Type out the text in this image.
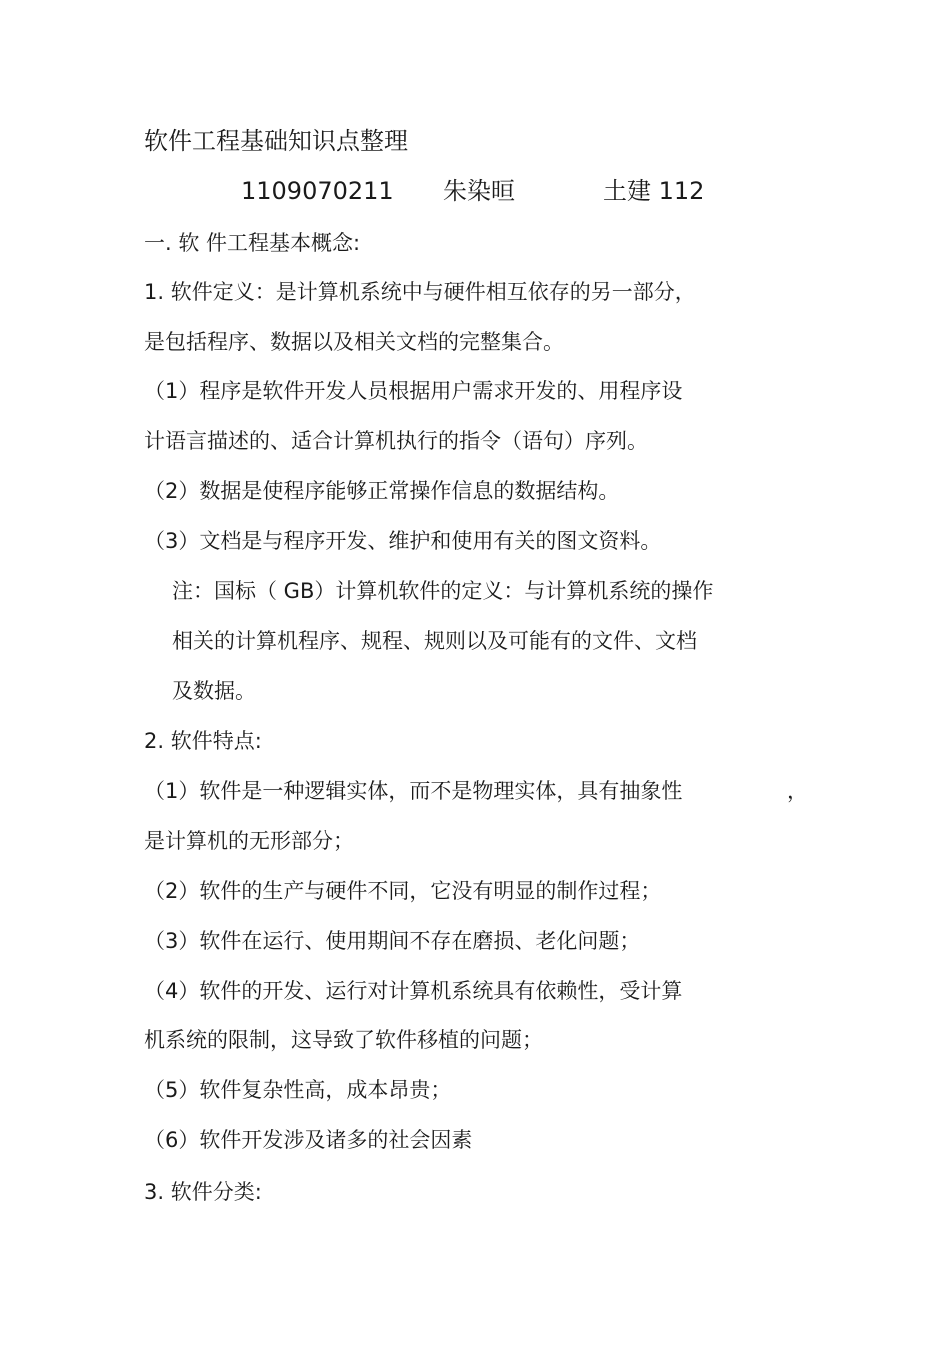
软件工程基础知识点整理
1109070211 朱染晅	土建 112
一. 软 件工程基本概念:
1. 软件定义：是计算机系统中与硬件相互依存的另一部分，
是包括程序、数据以及相关文档的完整集合。
（1）程序是软件开发人员根据用户需求开发的、用程序设
计语言描述的、适合计算机执行的指令（语句）序列。
（2）数据是使程序能够正常操作信息的数据结构。
（3）文档是与程序开发、维护和使用有关的图文资料。
注：国标（ GB）计算机软件的定义：与计算机系统的操作
相关的计算机程序、规程、规则以及可能有的文件、文档
及数据。
2. 软件特点:
（1）软件是一种逻辑实体，而不是物理实体，具有抽象性	，
是计算机的无形部分；
（2）软件的生产与硬件不同，它没有明显的制作过程；
（3）软件在运行、使用期间不存在磨损、老化问题；
（4）软件的开发、运行对计算机系统具有依赖性，受计算
机系统的限制，这导致了软件移植的问题；
（5）软件复杂性高，成本昂贵；
（6）软件开发涉及诸多的社会因素
3. 软件分类:
